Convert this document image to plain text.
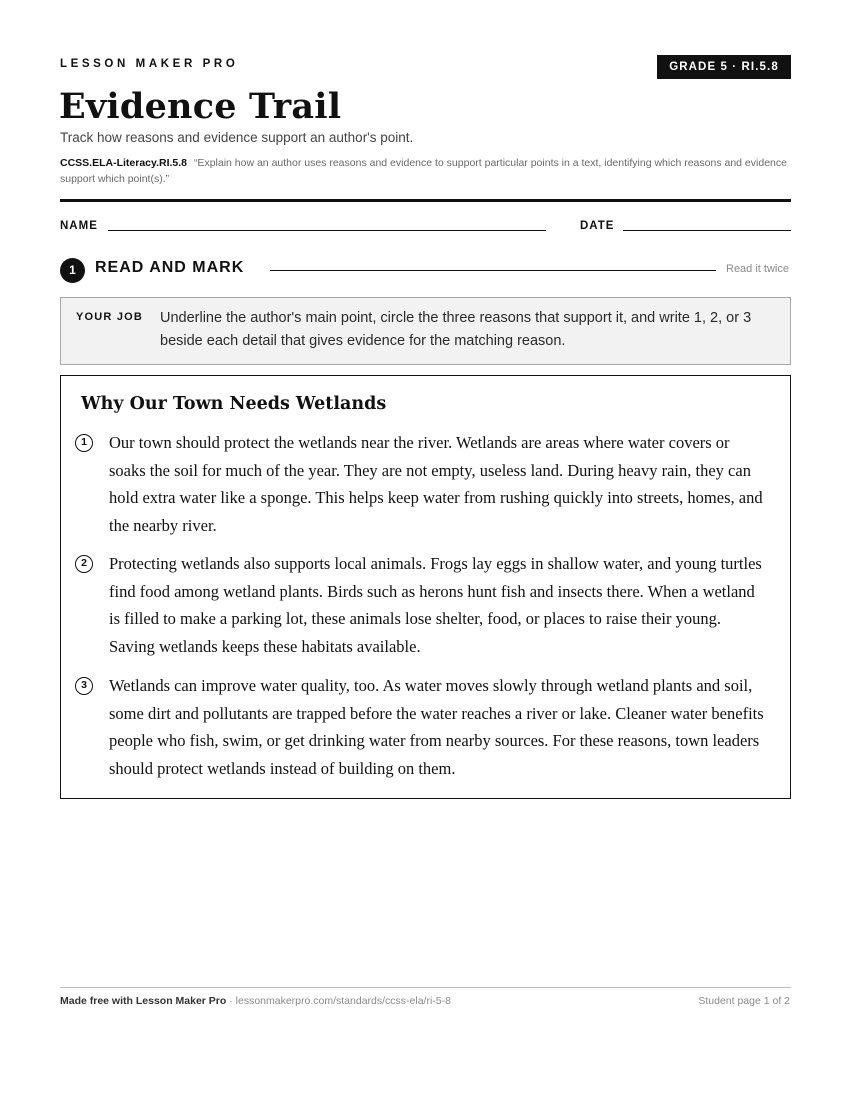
LESSON MAKER PRO	GRADE 5 · RI.5.8
Evidence Trail
Track how reasons and evidence support an author's point.
CCSS.ELA-Literacy.RI.5.8 “Explain how an author uses reasons and evidence to support particular points in a text, identifying which reasons and evidence support which point(s).”
NAME	DATE
1	READ AND MARK	Read it twice
YOUR JOB Underline the author's main point, circle the three reasons that support it, and write 1, 2, or 3 beside each detail that gives evidence for the matching reason.
Why Our Town Needs Wetlands
1	Our town should protect the wetlands near the river. Wetlands are areas where water covers or soaks the soil for much of the year. They are not empty, useless land. During heavy rain, they can hold extra water like a sponge. This helps keep water from rushing quickly into streets, homes, and the nearby river.

2	Protecting wetlands also supports local animals. Frogs lay eggs in shallow water, and young turtles find food among wetland plants. Birds such as herons hunt fish and insects there. When a wetland is filled to make a parking lot, these animals lose shelter, food, or places to raise their young. Saving wetlands keeps these habitats available.

3	Wetlands can improve water quality, too. As water moves slowly through wetland plants and soil, some dirt and pollutants are trapped before the water reaches a river or lake. Cleaner water benefits people who fish, swim, or get drinking water from nearby sources. For these reasons, town leaders should protect wetlands instead of building on them.

Made free with Lesson Maker Pro · lessonmakerpro.com/standards/ccss-ela/ri-5-8	Student page 1 of 2
